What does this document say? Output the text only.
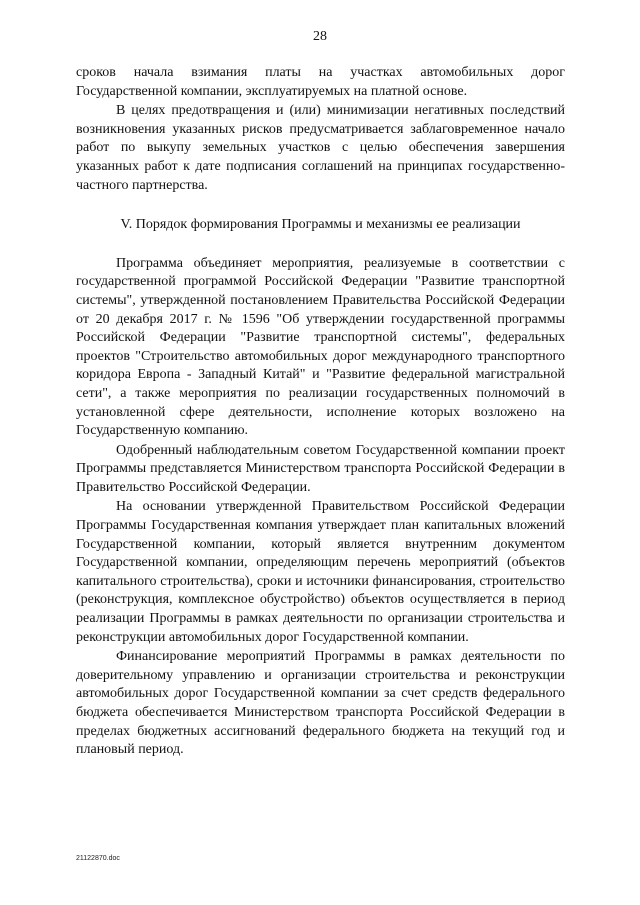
28

сроков начала взимания платы на участках автомобильных дорог Государственной компании, эксплуатируемых на платной основе.

В целях предотвращения и (или) минимизации негативных последствий возникновения указанных рисков предусматривается заблаговременное начало работ по выкупу земельных участков с целью обеспечения завершения указанных работ к дате подписания соглашений на принципах государственно-частного партнерства.

V. Порядок формирования Программы и механизмы ее реализации

Программа объединяет мероприятия, реализуемые в соответствии с государственной программой Российской Федерации "Развитие транспортной системы", утвержденной постановлением Правительства Российской Федерации от 20 декабря 2017 г. № 1596 "Об утверждении государственной программы Российской Федерации "Развитие транспортной системы", федеральных проектов "Строительство автомобильных дорог международного транспортного коридора Европа - Западный Китай" и "Развитие федеральной магистральной сети", а также мероприятия по реализации государственных полномочий в установленной сфере деятельности, исполнение которых возложено на Государственную компанию.

Одобренный наблюдательным советом Государственной компании проект Программы представляется Министерством транспорта Российской Федерации в Правительство Российской Федерации.

На основании утвержденной Правительством Российской Федерации Программы Государственная компания утверждает план капитальных вложений Государственной компании, который является внутренним документом Государственной компании, определяющим перечень мероприятий (объектов капитального строительства), сроки и источники финансирования, строительство (реконструкция, комплексное обустройство) объектов осуществляется в период реализации Программы в рамках деятельности по организации строительства и реконструкции автомобильных дорог Государственной компании.

Финансирование мероприятий Программы в рамках деятельности по доверительному управлению и организации строительства и реконструкции автомобильных дорог Государственной компании за счет средств федерального бюджета обеспечивается Министерством транспорта Российской Федерации в пределах бюджетных ассигнований федерального бюджета на текущий год и плановый период.

21122870.doc
